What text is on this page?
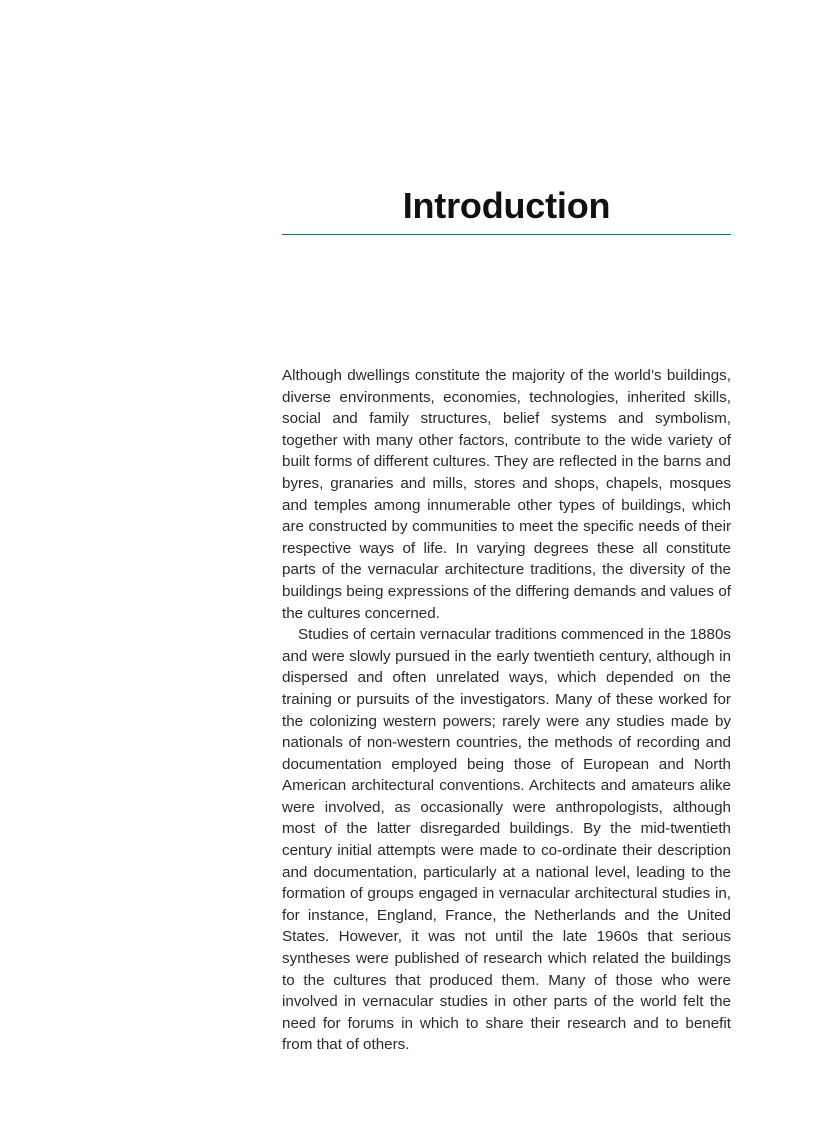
Introduction

Although dwellings constitute the majority of the world’s buildings, diverse environments, economies, technologies, inherited skills, social and family structures, belief systems and symbolism, together with many other factors, contribute to the wide variety of built forms of different cultures. They are reflected in the barns and byres, granaries and mills, stores and shops, chapels, mosques and temples among innumerable other types of buildings, which are constructed by communities to meet the specific needs of their respective ways of life. In varying degrees these all constitute parts of the vernacular architecture traditions, the diversity of the buildings being expressions of the differing demands and values of the cultures concerned.

Studies of certain vernacular traditions commenced in the 1880s and were slowly pursued in the early twentieth century, although in dispersed and often unrelated ways, which depended on the training or pursuits of the investigators. Many of these worked for the colonizing western powers; rarely were any studies made by nationals of non-western countries, the methods of recording and documentation employed being those of European and North American architectural conventions. Architects and amateurs alike were involved, as occasionally were anthropologists, although most of the latter disregarded buildings. By the mid-twentieth century initial attempts were made to co-ordinate their description and documentation, particularly at a national level, leading to the formation of groups engaged in vernacular architectural studies in, for instance, England, France, the Netherlands and the United States. However, it was not until the late 1960s that serious syntheses were published of research which related the buildings to the cultures that produced them. Many of those who were involved in vernacular studies in other parts of the world felt the need for forums in which to share their research and to benefit from that of others.
